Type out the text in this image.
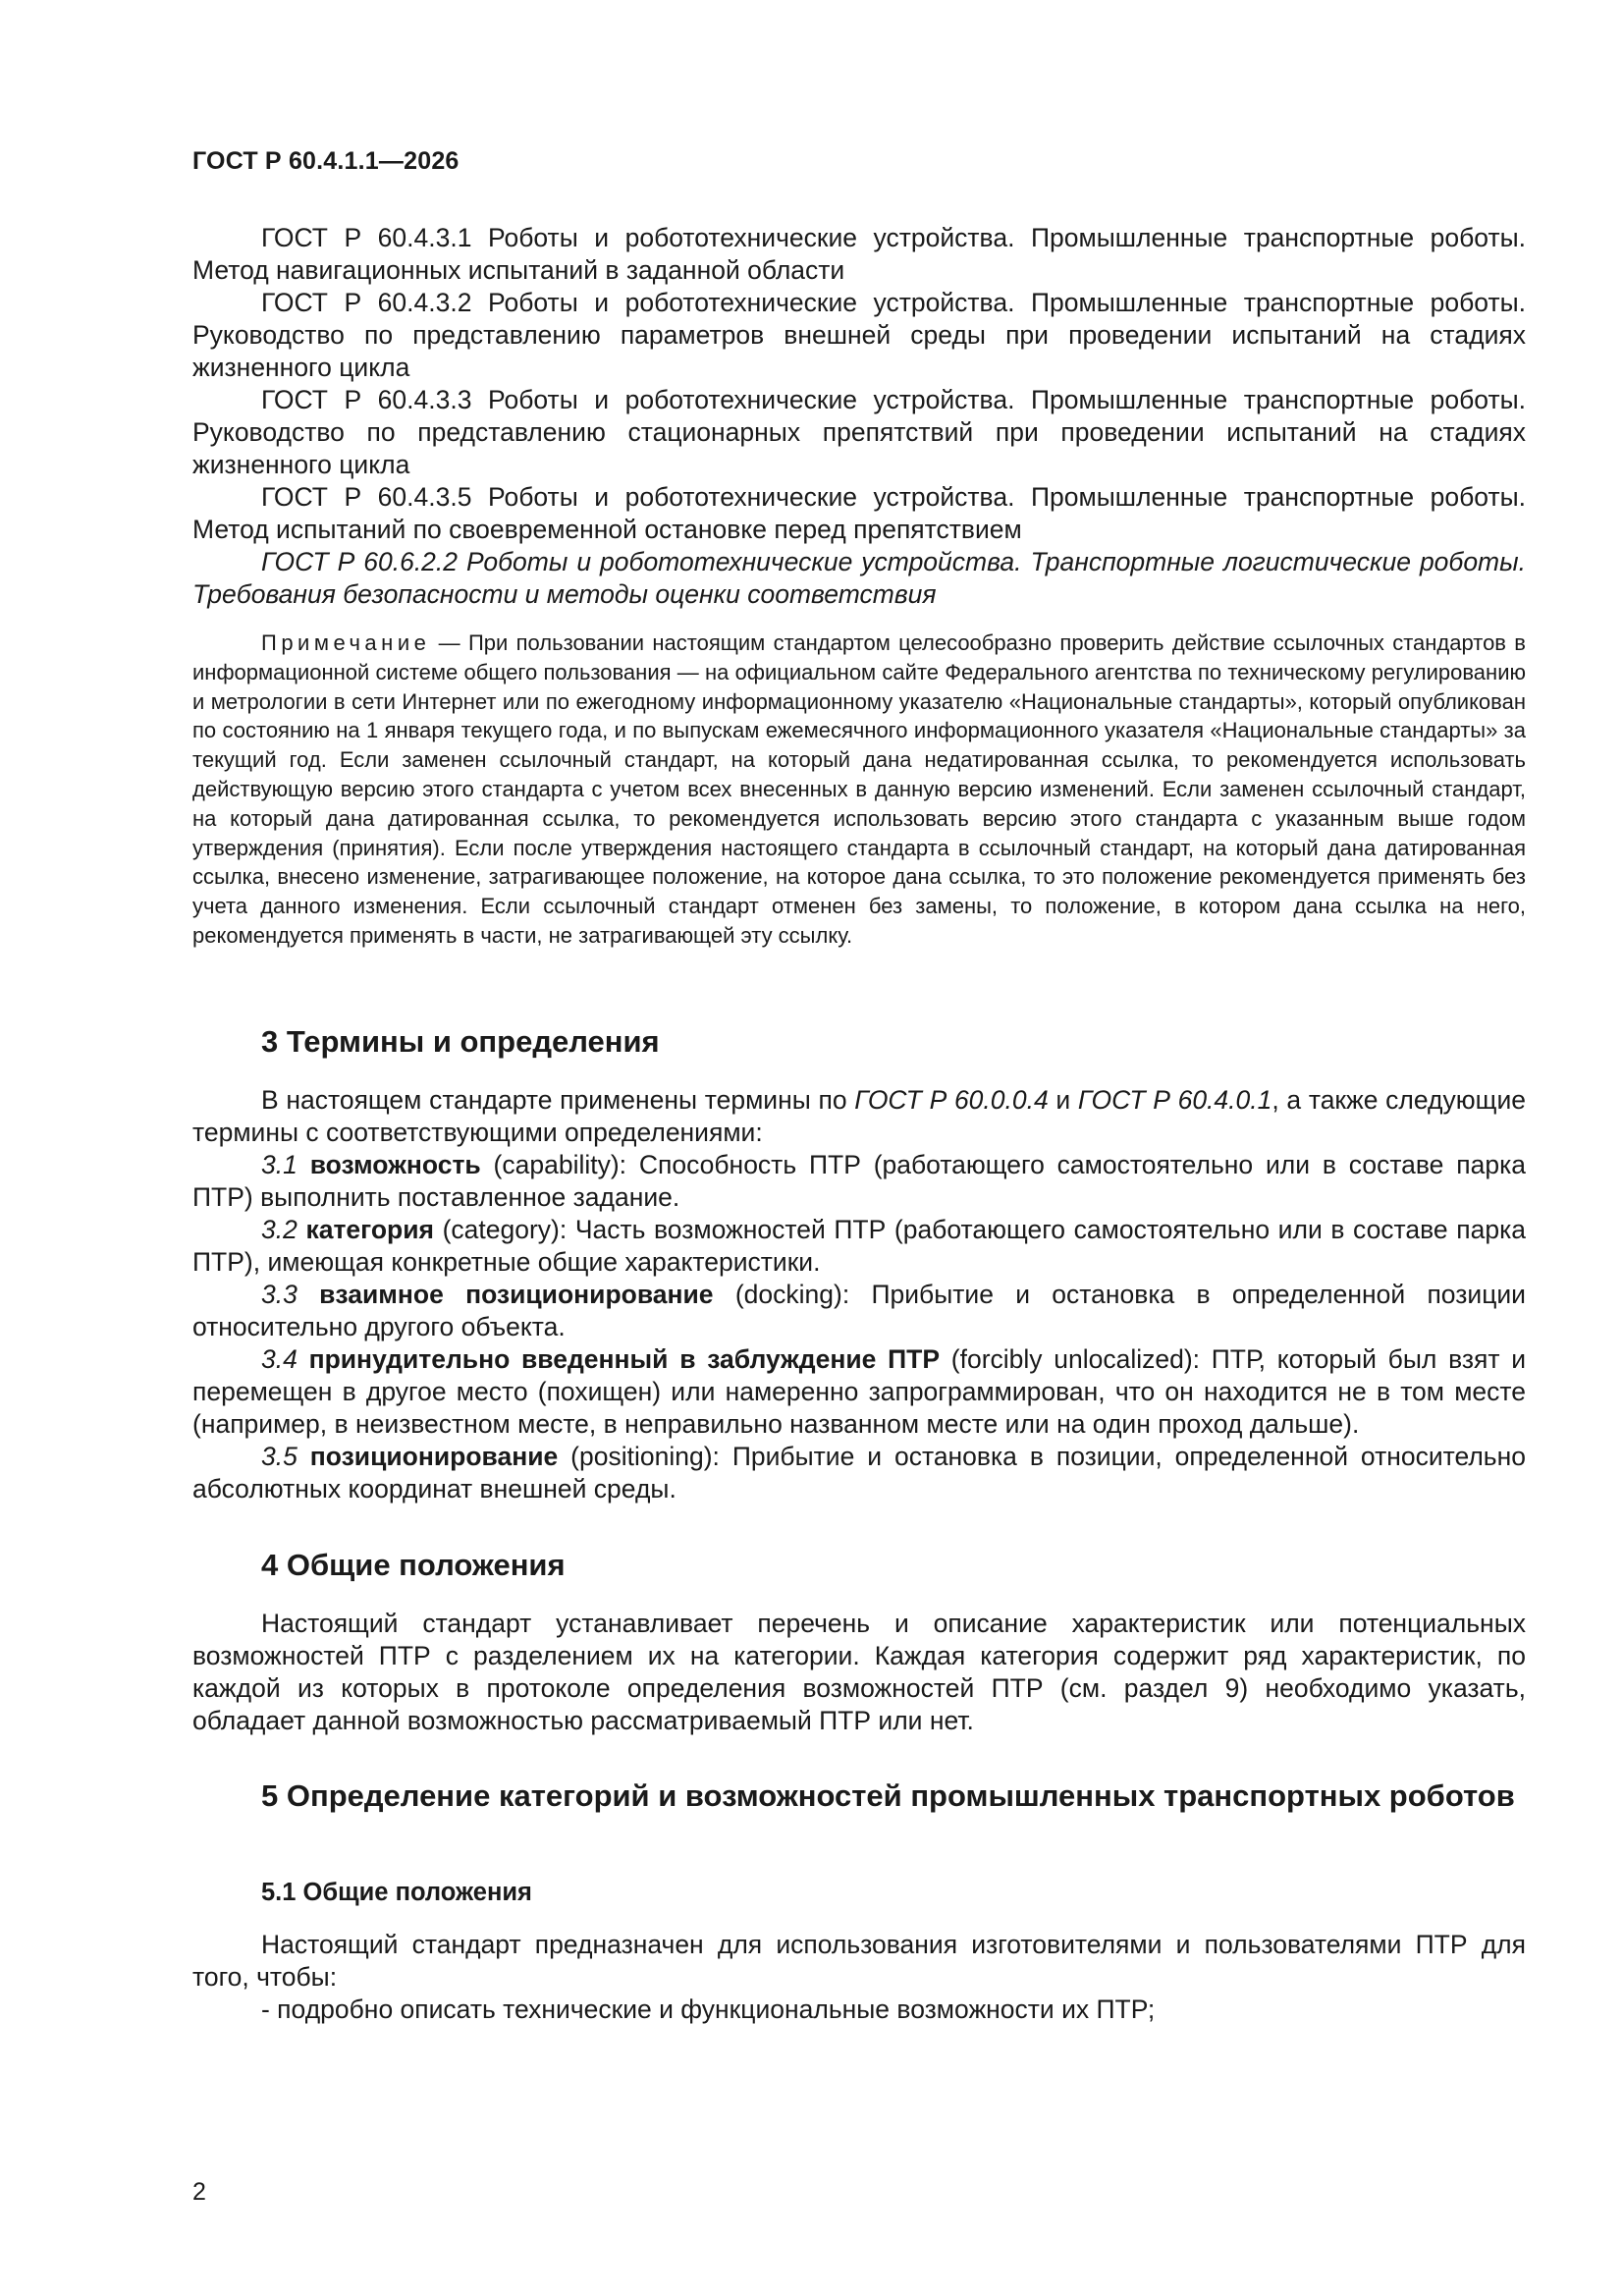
ГОСТ Р 60.4.1.1—2026

ГОСТ Р 60.4.3.1 Роботы и робототехнические устройства. Промышленные транспортные роботы. Метод навигационных испытаний в заданной области

ГОСТ Р 60.4.3.2 Роботы и робототехнические устройства. Промышленные транспортные роботы. Руководство по представлению параметров внешней среды при проведении испытаний на стадиях жизненного цикла

ГОСТ Р 60.4.3.3 Роботы и робототехнические устройства. Промышленные транспортные роботы. Руководство по представлению стационарных препятствий при проведении испытаний на стадиях жизненного цикла

ГОСТ Р 60.4.3.5 Роботы и робототехнические устройства. Промышленные транспортные роботы. Метод испытаний по своевременной остановке перед препятствием

ГОСТ Р 60.6.2.2 Роботы и робототехнические устройства. Транспортные логистические роботы. Требования безопасности и методы оценки соответствия

Примечание — При пользовании настоящим стандартом целесообразно проверить действие ссылочных стандартов в информационной системе общего пользования — на официальном сайте Федерального агентства по техническому регулированию и метрологии в сети Интернет или по ежегодному информационному указателю «Национальные стандарты», который опубликован по состоянию на 1 января текущего года, и по выпускам ежемесячного информационного указателя «Национальные стандарты» за текущий год. Если заменен ссылочный стандарт, на который дана недатированная ссылка, то рекомендуется использовать действующую версию этого стандарта с учетом всех внесенных в данную версию изменений. Если заменен ссылочный стандарт, на который дана датированная ссылка, то рекомендуется использовать версию этого стандарта с указанным выше годом утверждения (принятия). Если после утверждения настоящего стандарта в ссылочный стандарт, на который дана датированная ссылка, внесено изменение, затрагивающее положение, на которое дана ссылка, то это положение рекомендуется применять без учета данного изменения. Если ссылочный стандарт отменен без замены, то положение, в котором дана ссылка на него, рекомендуется применять в части, не затрагивающей эту ссылку.
3 Термины и определения

В настоящем стандарте применены термины по ГОСТ Р 60.0.0.4 и ГОСТ Р 60.4.0.1, а также следующие термины с соответствующими определениями:

3.1 возможность (capability): Способность ПТР (работающего самостоятельно или в составе парка ПТР) выполнить поставленное задание.

3.2 категория (category): Часть возможностей ПТР (работающего самостоятельно или в составе парка ПТР), имеющая конкретные общие характеристики.

3.3 взаимное позиционирование (docking): Прибытие и остановка в определенной позиции относительно другого объекта.

3.4 принудительно введенный в заблуждение ПТР (forcibly unlocalized): ПТР, который был взят и перемещен в другое место (похищен) или намеренно запрограммирован, что он находится не в том месте (например, в неизвестном месте, в неправильно названном месте или на один проход дальше).

3.5 позиционирование (positioning): Прибытие и остановка в позиции, определенной относительно абсолютных координат внешней среды.

4 Общие положения

Настоящий стандарт устанавливает перечень и описание характеристик или потенциальных возможностей ПТР с разделением их на категории. Каждая категория содержит ряд характеристик, по каждой из которых в протоколе определения возможностей ПТР (см. раздел 9) необходимо указать, обладает данной возможностью рассматриваемый ПТР или нет.

5 Определение категорий и возможностей промышленных транспортных роботов
5.1 Общие положения

Настоящий стандарт предназначен для использования изготовителями и пользователями ПТР для того, чтобы:

- подробно описать технические и функциональные возможности их ПТР;

2
